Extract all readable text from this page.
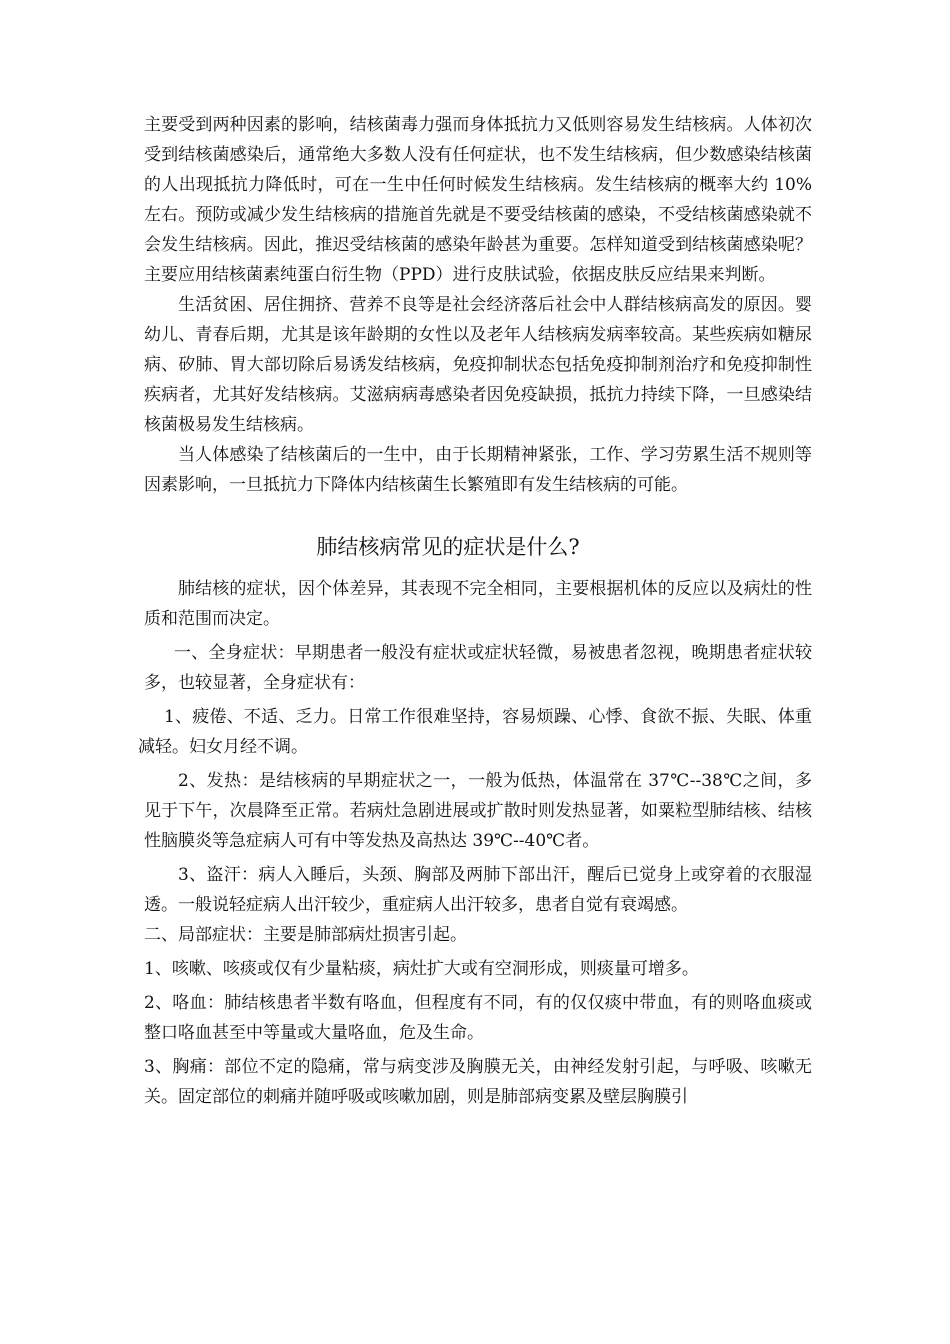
主要受到两种因素的影响，结核菌毒力强而身体抵抗力又低则容易发生结核病。人体初次受到结核菌感染后，通常绝大多数人没有任何症状，也不发生结核病，但少数感染结核菌的人出现抵抗力降低时，可在一生中任何时候发生结核病。发生结核病的概率大约 10%左右。预防或减少发生结核病的措施首先就是不要受结核菌的感染，不受结核菌感染就不会发生结核病。因此，推迟受结核菌的感染年龄甚为重要。怎样知道受到结核菌感染呢？主要应用结核菌素纯蛋白衍生物（PPD）进行皮肤试验，依据皮肤反应结果来判断。

生活贫困、居住拥挤、营养不良等是社会经济落后社会中人群结核病高发的原因。婴幼儿、青春后期，尤其是该年龄期的女性以及老年人结核病发病率较高。某些疾病如糖尿病、矽肺、胃大部切除后易诱发结核病，免疫抑制状态包括免疫抑制剂治疗和免疫抑制性疾病者，尤其好发结核病。艾滋病病毒感染者因免疫缺损，抵抗力持续下降，一旦感染结核菌极易发生结核病。

当人体感染了结核菌后的一生中，由于长期精神紧张，工作、学习劳累生活不规则等因素影响，一旦抵抗力下降体内结核菌生长繁殖即有发生结核病的可能。

肺结核病常见的症状是什么?

肺结核的症状，因个体差异，其表现不完全相同，主要根据机体的反应以及病灶的性质和范围而决定。

一、全身症状：早期患者一般没有症状或症状轻微，易被患者忽视，晚期患者症状较多，也较显著，全身症状有：

1、疲倦、不适、乏力。日常工作很难坚持，容易烦躁、心悸、食欲不振、失眠、体重减轻。妇女月经不调。

2、发热：是结核病的早期症状之一，一般为低热，体温常在 37℃--38℃之间，多见于下午，次晨降至正常。若病灶急剧进展或扩散时则发热显著，如粟粒型肺结核、结核性脑膜炎等急症病人可有中等发热及高热达 39℃--40℃者。

3、盗汗：病人入睡后，头颈、胸部及两肺下部出汗，醒后已觉身上或穿着的衣服湿透。一般说轻症病人出汗较少，重症病人出汗较多，患者自觉有衰竭感。

二、局部症状：主要是肺部病灶损害引起。

1、咳嗽、咳痰或仅有少量粘痰，病灶扩大或有空洞形成，则痰量可增多。

2、咯血：肺结核患者半数有咯血，但程度有不同，有的仅仅痰中带血，有的则咯血痰或整口咯血甚至中等量或大量咯血，危及生命。

3、胸痛：部位不定的隐痛，常与病变涉及胸膜无关，由神经发射引起，与呼吸、咳嗽无关。固定部位的刺痛并随呼吸或咳嗽加剧，则是肺部病变累及壁层胸膜引
